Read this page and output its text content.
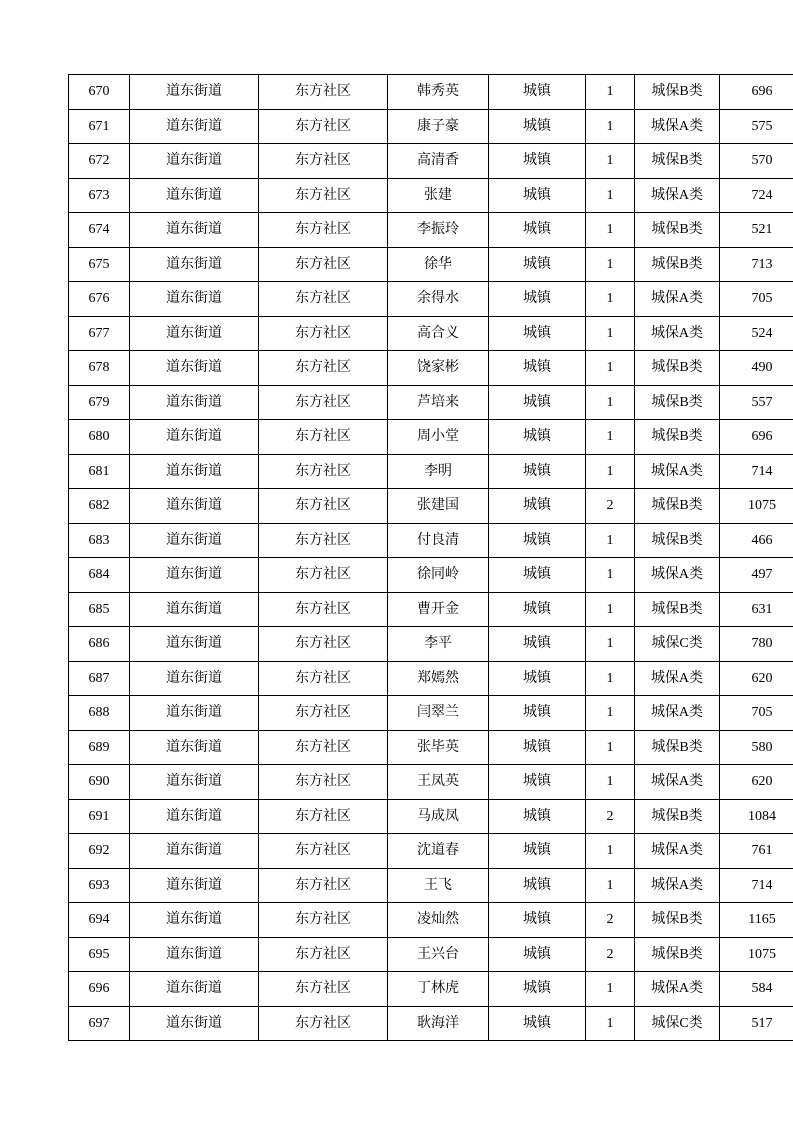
670	道东街道	东方社区	韩秀英	城镇	1	城保B类	696
671	道东街道	东方社区	康子豪	城镇	1	城保A类	575
672	道东街道	东方社区	高清香	城镇	1	城保B类	570
673	道东街道	东方社区	张建	城镇	1	城保A类	724
674	道东街道	东方社区	李振玲	城镇	1	城保B类	521
675	道东街道	东方社区	徐华	城镇	1	城保B类	713
676	道东街道	东方社区	余得水	城镇	1	城保A类	705
677	道东街道	东方社区	高合义	城镇	1	城保A类	524
678	道东街道	东方社区	饶家彬	城镇	1	城保B类	490
679	道东街道	东方社区	芦培来	城镇	1	城保B类	557
680	道东街道	东方社区	周小堂	城镇	1	城保B类	696
681	道东街道	东方社区	李明	城镇	1	城保A类	714
682	道东街道	东方社区	张建国	城镇	2	城保B类	1075
683	道东街道	东方社区	付良清	城镇	1	城保B类	466
684	道东街道	东方社区	徐同岭	城镇	1	城保A类	497
685	道东街道	东方社区	曹开金	城镇	1	城保B类	631
686	道东街道	东方社区	李平	城镇	1	城保C类	780
687	道东街道	东方社区	郑嫣然	城镇	1	城保A类	620
688	道东街道	东方社区	闫翠兰	城镇	1	城保A类	705
689	道东街道	东方社区	张毕英	城镇	1	城保B类	580
690	道东街道	东方社区	王凤英	城镇	1	城保A类	620
691	道东街道	东方社区	马成凤	城镇	2	城保B类	1084
692	道东街道	东方社区	沈道春	城镇	1	城保A类	761
693	道东街道	东方社区	王飞	城镇	1	城保A类	714
694	道东街道	东方社区	凌灿然	城镇	2	城保B类	1165
695	道东街道	东方社区	王兴台	城镇	2	城保B类	1075
696	道东街道	东方社区	丁林虎	城镇	1	城保A类	584
697	道东街道	东方社区	耿海洋	城镇	1	城保C类	517
